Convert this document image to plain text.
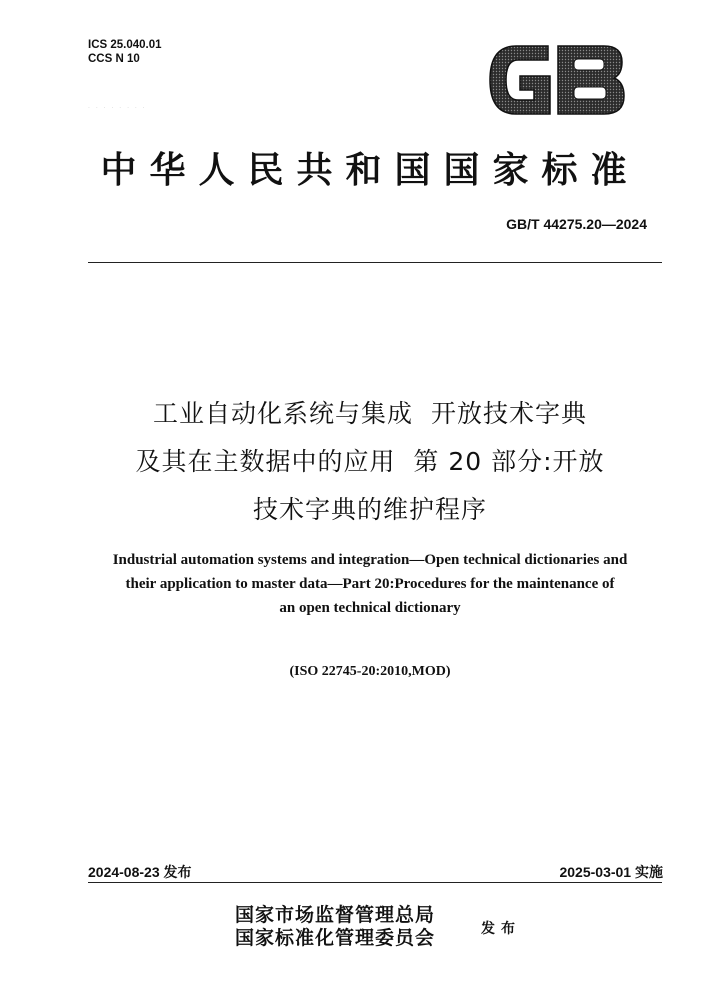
ICS 25.040.01
CCS N 10
· · · · · · · ·
中华人民共和国国家标准
GB/T 44275.20—2024
工业自动化系统与集成  开放技术字典
及其在主数据中的应用  第 20 部分:开放
技术字典的维护程序
Industrial automation systems and integration—Open technical dictionaries and
their application to master data—Part 20:Procedures for the maintenance of
an open technical dictionary
(ISO 22745-20:2010,MOD)
2024-08-23 发布	2025-03-01 实施
国家市场监督管理总局
国家标准化管理委员会	发布
